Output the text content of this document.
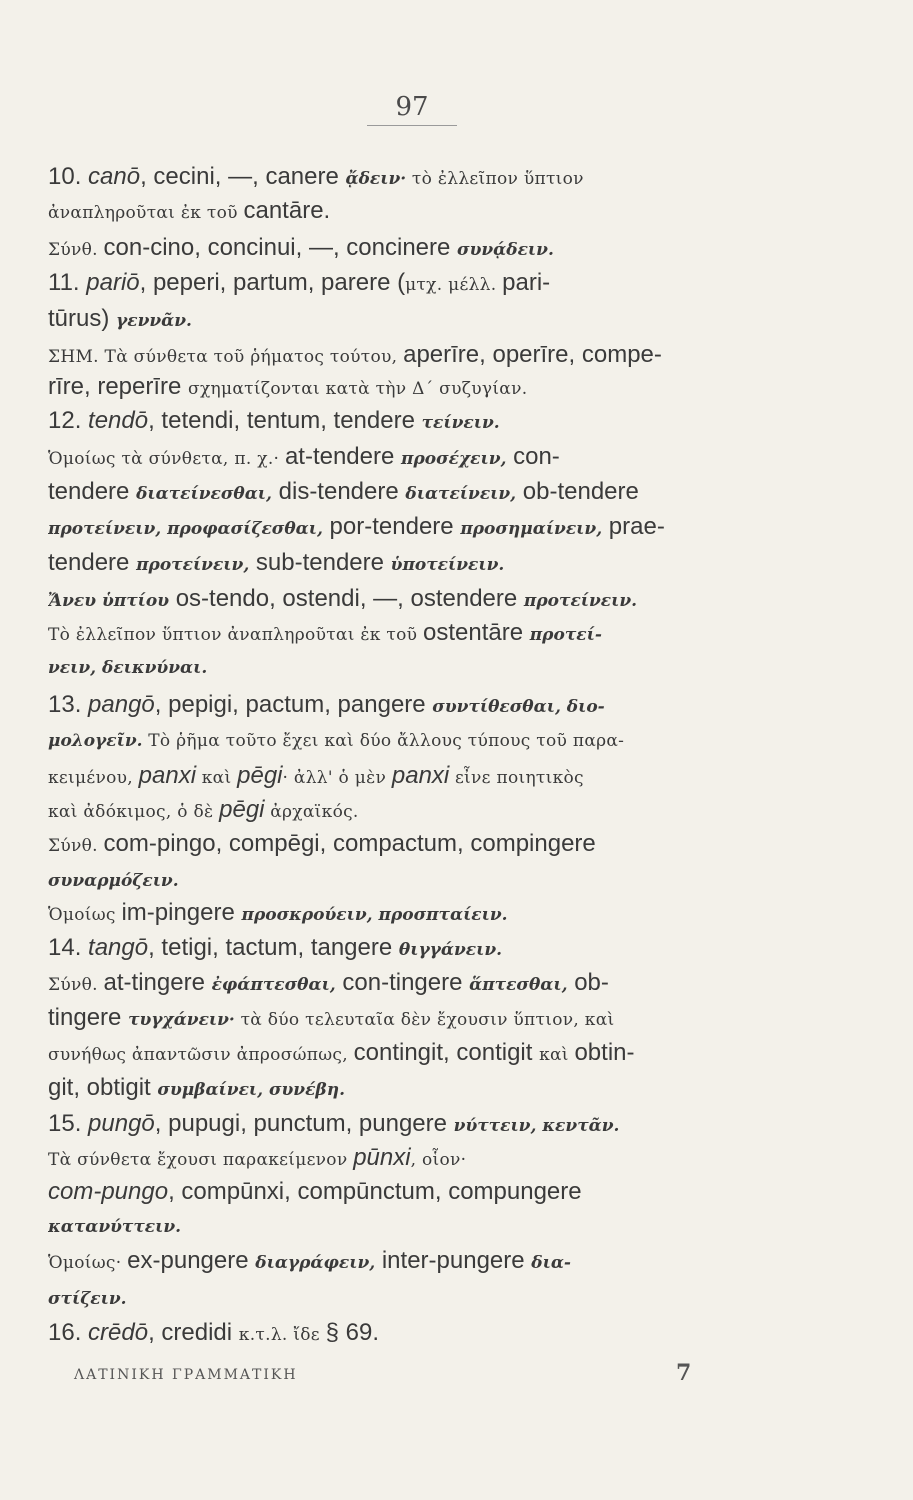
97
10. canō, cecini, —, canere ᾄδειν· τὸ ἐλλεῖπον ὕπτιον
ἀναπληροῦται ἐκ τοῦ cantāre.
Σύνθ. con-cino, concinui, —, concinere συνᾴδειν.
11. pariō, peperi, partum, parere (μτχ. μέλλ. pari-
tūrus) γεννᾶν.
ΣΗΜ. Τὰ σύνθετα τοῦ ῥήματος τούτου, aperīre, operīre, compe-
rīre, reperīre σχηματίζονται κατὰ τὴν Δ΄ συζυγίαν.
12. tendō, tetendi, tentum, tendere τείνειν.
Ὁμοίως τὰ σύνθετα, π. χ.· at-tendere προσέχειν, con-
tendere διατείνεσθαι, dis-tendere διατείνειν, ob-tendere
προτείνειν, προφασίζεσθαι, por-tendere προσημαίνειν, prae-
tendere προτείνειν, sub-tendere ὑποτείνειν.
Ἄνευ ὑπτίου os-tendo, ostendi, —, ostendere προτείνειν.
Τὸ ἐλλεῖπον ὕπτιον ἀναπληροῦται ἐκ τοῦ ostentāre προτεί-
νειν, δεικνύναι.
13. pangō, pepigi, pactum, pangere συντίθεσθαι, διο-
μολογεῖν. Τὸ ῥῆμα τοῦτο ἔχει καὶ δύο ἄλλους τύπους τοῦ παρα-
κειμένου, panxi καὶ pēgi· ἀλλ' ὁ μὲν panxi εἶνε ποιητικὸς
καὶ ἀδόκιμος, ὁ δὲ pēgi ἀρχαϊκός.
Σύνθ. com-pingo, compēgi, compactum, compingere
συναρμόζειν.
Ὁμοίως im-pingere προσκρούειν, προσπταίειν.
14. tangō, tetigi, tactum, tangere θιγγάνειν.
Σύνθ. at-tingere ἐφάπτεσθαι, con-tingere ἅπτεσθαι, ob-
tingere τυγχάνειν· τὰ δύο τελευταῖα δὲν ἔχουσιν ὕπτιον, καὶ
συνήθως ἀπαντῶσιν ἀπροσώπως, contingit, contigit καὶ obtin-
git, obtigit συμβαίνει, συνέβη.
15. pungō, pupugi, punctum, pungere νύττειν, κεντᾶν.
Τὰ σύνθετα ἔχουσι παρακείμενον pūnxi, οἷον·
com-pungo, compūnxi, compūnctum, compungere
κατανύττειν.
Ὁμοίως· ex-pungere διαγράφειν, inter-pungere δια-
στίζειν.
16. crēdō, credidi κ.τ.λ. ἴδε § 69.
ΛΑΤΙΝΙΚΗ ΓΡΑΜΜΑΤΙΚΗ	7
